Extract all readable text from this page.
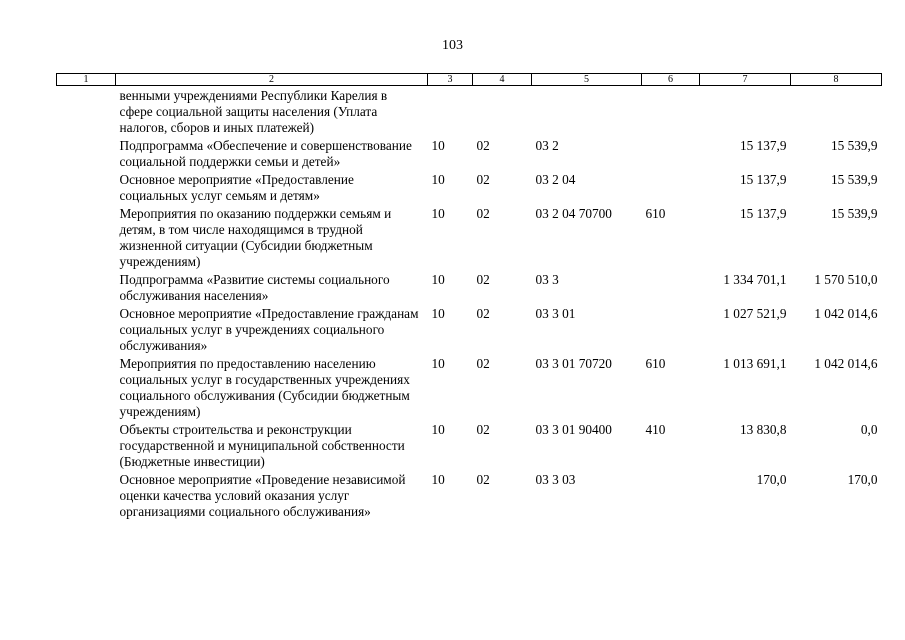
103
1	2	3	4	5	6	7	8
	венными учреждениями Республики Карелия в сфере социальной защиты населения (Уплата налогов, сборов и иных платежей)						
	Подпрограмма «Обеспечение и совершенствование социальной поддержки семьи и детей»	10	02	03 2		15 137,9	15 539,9
	Основное мероприятие «Предоставление социальных услуг семьям и детям»	10	02	03 2 04		15 137,9	15 539,9
	Мероприятия по оказанию поддержки семьям и детям, в том числе находящимся в трудной жизненной ситуации (Субсидии бюджетным учреждениям)	10	02	03 2 04 70700	610	15 137,9	15 539,9
	Подпрограмма «Развитие системы социального обслуживания населения»	10	02	03 3		1 334 701,1	1 570 510,0
	Основное мероприятие «Предоставление гражданам социальных услуг в учреждениях социального обслуживания»	10	02	03 3 01		1 027 521,9	1 042 014,6
	Мероприятия по предоставлению населению социальных услуг в государственных учреждениях социального обслуживания (Субсидии бюджетным учреждениям)	10	02	03 3 01 70720	610	1 013 691,1	1 042 014,6
	Объекты строительства и реконструкции государственной и муниципальной собственности (Бюджетные инвестиции)	10	02	03 3 01 90400	410	13 830,8	0,0
	Основное мероприятие «Проведение независимой оценки качества условий оказания услуг организациями социального обслуживания»	10	02	03 3 03		170,0	170,0
